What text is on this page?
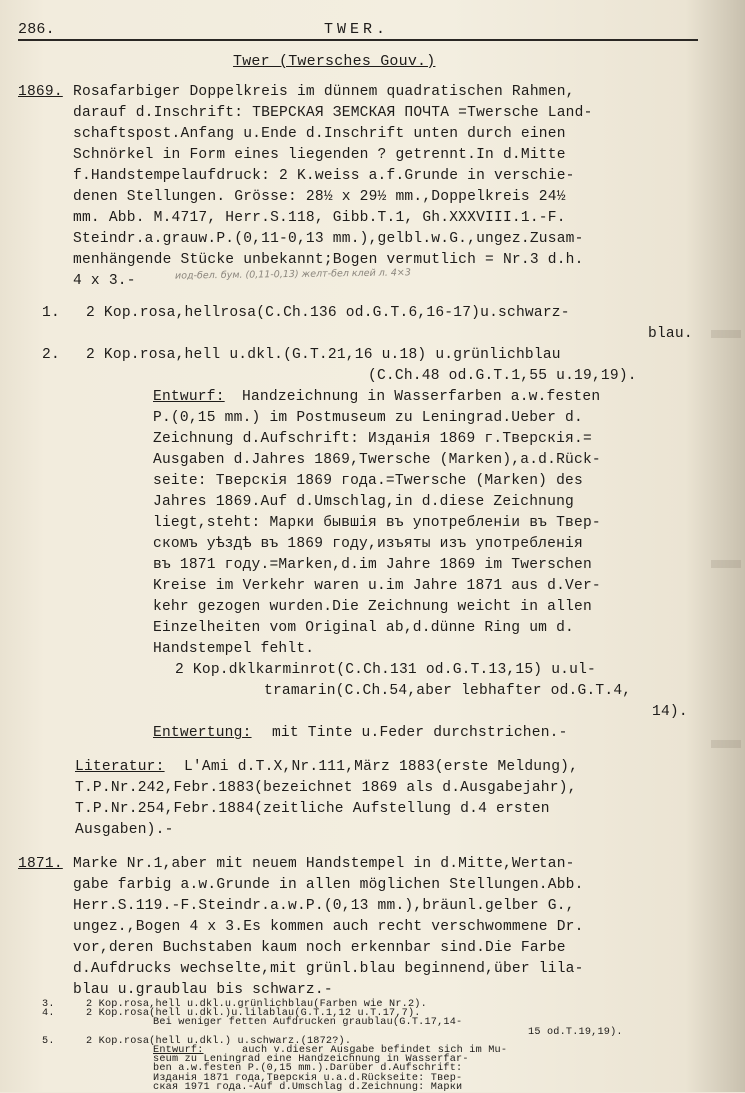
286.	TWER.
Twer (Twersches Gouv.)
1869. Rosafarbiger Doppelkreis im dünnem quadratischen Rahmen,
darauf d.Inschrift: ТВЕРСКАЯ ЗЕМСКАЯ ПОЧТА =Twersche Land-
schaftspost.Anfang u.Ende d.Inschrift unten durch einen
Schnörkel in Form eines liegenden ? getrennt.In d.Mitte
f.Handstempelaufdruck: 2 K.weiss a.f.Grunde in verschie-
denen Stellungen. Grösse: 28½ x 29½ mm.,Doppelkreis 24½
mm. Abb. M.4717, Herr.S.118, Gibb.T.1, Gh.XXXVIII.1.-F.
Steindr.a.grauw.P.(0,11-0,13 mm.),gelbl.w.G.,ungez.Zusam-
menhängende Stücke unbekannt;Bogen vermutlich = Nr.3 d.h.
4 x 3.-	иод-бел. бум. (0,11-0,13) желт-бел клей л. 4×3
1. 2 Kop.rosa,hellrosa(C.Ch.136 od.G.T.6,16-17)u.schwarz-
blau.
2. 2 Kop.rosa,hell u.dkl.(G.T.21,16 u.18) u.grünlichblau
(C.Ch.48 od.G.T.1,55 u.19,19).
Entwurf: Handzeichnung in Wasserfarben a.w.festen
P.(0,15 mm.) im Postmuseum zu Leningrad.Ueber d.
Zeichnung d.Aufschrift: Изданія 1869 г.Тверскія.=
Ausgaben d.Jahres 1869,Twersche (Marken),a.d.Rück-
seite: Тверскія 1869 года.=Twersche (Marken) des
Jahres 1869.Auf d.Umschlag,in d.diese Zeichnung
liegt,steht: Марки бывшія въ употребленіи въ Твер-
скомъ уѣздѣ въ 1869 году,изъяты изъ употребленія
въ 1871 году.=Marken,d.im Jahre 1869 im Twerschen
Kreise im Verkehr waren u.im Jahre 1871 aus d.Ver-
kehr gezogen wurden.Die Zeichnung weicht in allen
Einzelheiten vom Original ab,d.dünne Ring um d.
Handstempel fehlt.
2 Kop.dklkarminrot(C.Ch.131 od.G.T.13,15) u.ul-
tramarin(C.Ch.54,aber lebhafter od.G.T.4,
14).
Entwertung: mit Tinte u.Feder durchstrichen.-
Literatur: L'Ami d.T.X,Nr.111,März 1883(erste Meldung),
T.P.Nr.242,Febr.1883(bezeichnet 1869 als d.Ausgabejahr),
T.P.Nr.254,Febr.1884(zeitliche Aufstellung d.4 ersten
Ausgaben).-
1871. Marke Nr.1,aber mit neuem Handstempel in d.Mitte,Wertan-
gabe farbig a.w.Grunde in allen möglichen Stellungen.Abb.
Herr.S.119.-F.Steindr.a.w.P.(0,13 mm.),bräunl.gelber G.,
ungez.,Bogen 4 x 3.Es kommen auch recht verschwommene Dr.
vor,deren Buchstaben kaum noch erkennbar sind.Die Farbe
d.Aufdrucks wechselte,mit grünl.blau beginnend,über lila-
blau u.graublau bis schwarz.-
3.	2 Kop.rosa,hell u.dkl.u.grünlichblau(Farben wie Nr.2).
4.	2 Kop.rosa(hell u.dkl.)u.lilablau(G.T.1,12 u.T.17,7).
Bei weniger fetten Aufdrucken graublau(G.T.17,14-
15 od.T.19,19).
5.	2 Kop.rosa(hell u.dkl.) u.schwarz.(1872?).
Entwurf:	auch v.dieser Ausgabe befindet sich im Mu-
seum zu Leningrad eine Handzeichnung in Wasserfar-
ben a.w.festen P.(0,15 mm.).Darüber d.Aufschrift:
Изданія 1871 года,Тверскія u.a.d.Rückseite: Твер-
ская 1971 года.-Auf d.Umschlag d.Zeichnung: Марки
